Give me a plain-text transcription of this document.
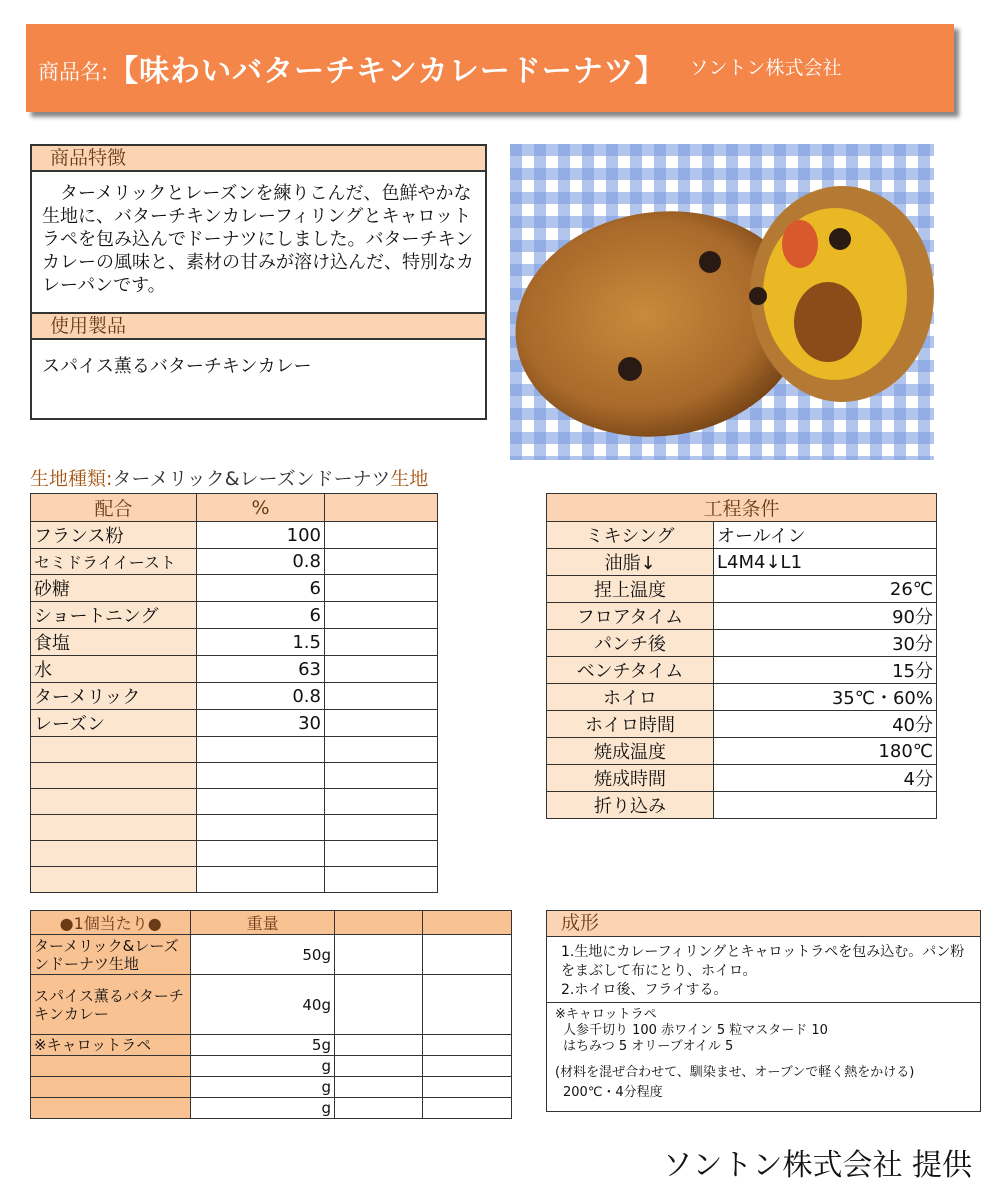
商品名: 【味わいバターチキンカレードーナツ】 ソントン株式会社
商品特徴
ターメリックとレーズンを練りこんだ、色鮮やかな生地に、バターチキンカレーフィリングとキャロットラペを包み込んでドーナツにしました。バターチキンカレーの風味と、素材の甘みが溶け込んだ、特別なカレーパンです。
使用製品
スパイス薫るバターチキンカレー
生地種類:ターメリック&レーズンドーナツ生地
配合	%	
フランス粉	100	
セミドライイースト	0.8	
砂糖	6	
ショートニング	6	
食塩	1.5	
水	63	
ターメリック	0.8	
レーズン	30	

工程条件	
ミキシング	オールイン
油脂↓	L4M4↓L1
捏上温度	26℃
フロアタイム	90分
パンチ後	30分
ベンチタイム	15分
ホイロ	35℃・60%
ホイロ時間	40分
焼成温度	180℃
焼成時間	4分
折り込み	
●1個当たり●	重量		
ターメリック&レーズンドーナツ生地	50g		
スパイス薫るバターチキンカレー	40g		
※キャロットラペ	5g		
	g		
	g		
	g		
成形
1.生地にカレーフィリングとキャロットラペを包み込む。パン粉をまぶして布にとり、ホイロ。
2.ホイロ後、フライする。
※キャロットラペ
人参千切り 100 赤ワイン 5 粒マスタード 10
はちみつ 5 オリーブオイル 5
(材料を混ぜ合わせて、馴染ませ、オーブンで軽く熱をかける)
200℃・4分程度
ソントン株式会社 提供
